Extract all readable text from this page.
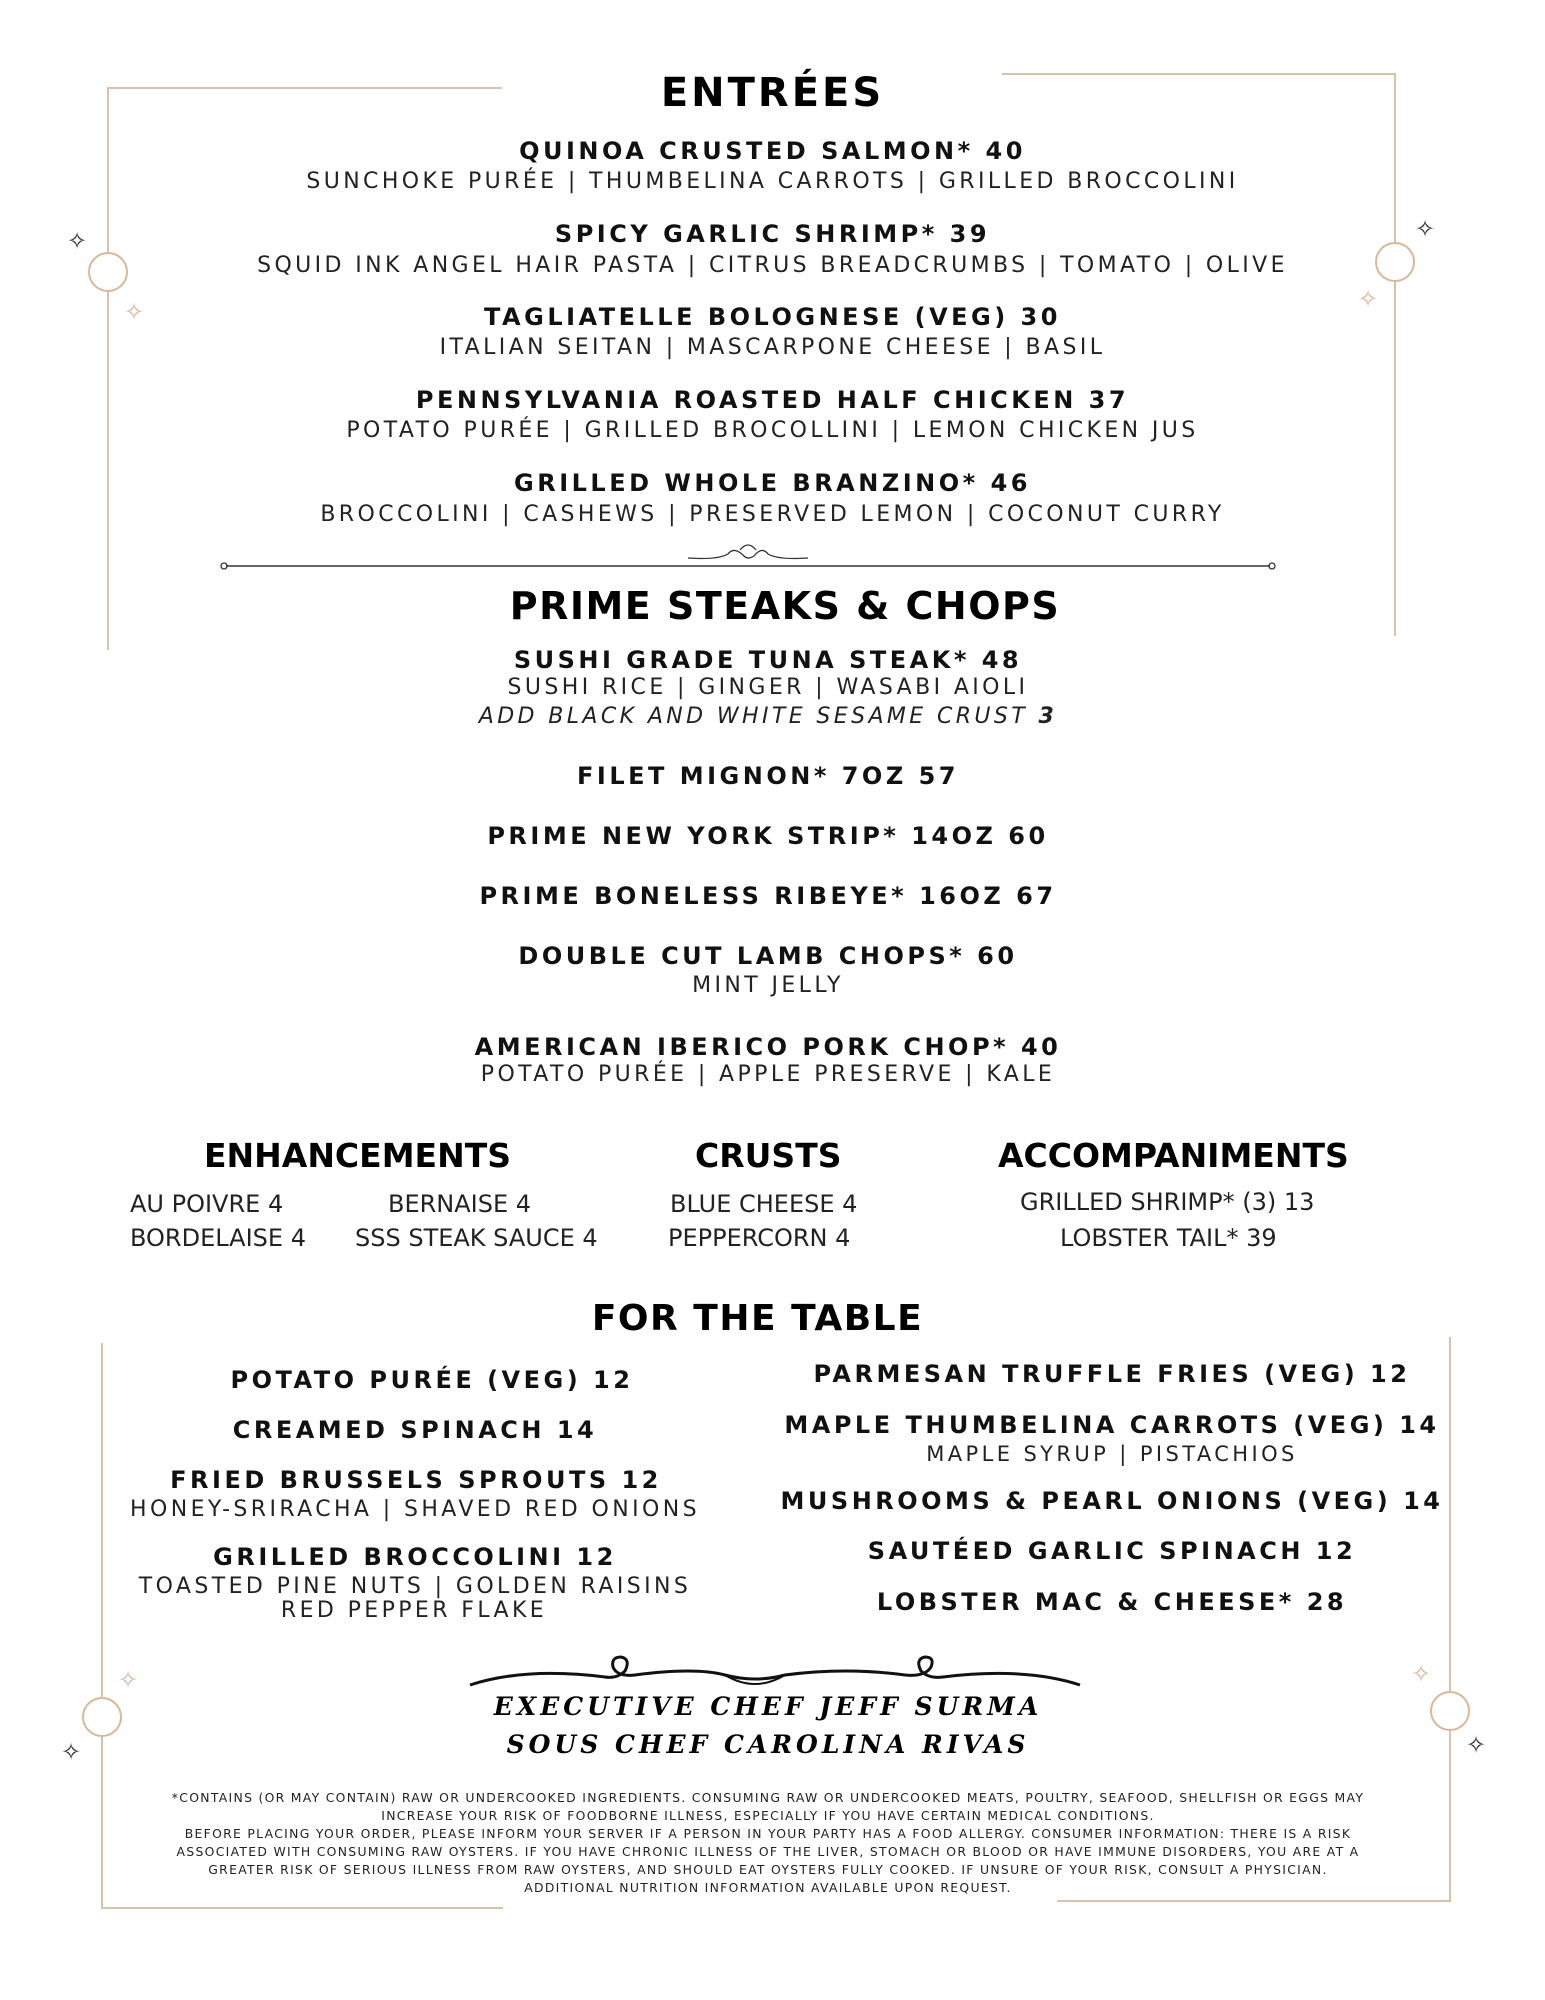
✧
✧
✧
✧
✧
✧
✧
✧
ENTRÉES
QUINOA CRUSTED SALMON* 40
SUNCHOKE PURÉE | THUMBELINA CARROTS | GRILLED BROCCOLINI
SPICY GARLIC SHRIMP* 39
SQUID INK ANGEL HAIR PASTA | CITRUS BREADCRUMBS | TOMATO | OLIVE
TAGLIATELLE BOLOGNESE (VEG) 30
ITALIAN SEITAN | MASCARPONE CHEESE | BASIL
PENNSYLVANIA ROASTED HALF CHICKEN 37
POTATO PURÉE | GRILLED BROCOLLINI | LEMON CHICKEN JUS
GRILLED WHOLE BRANZINO* 46
BROCCOLINI | CASHEWS | PRESERVED LEMON | COCONUT CURRY
PRIME STEAKS & CHOPS
SUSHI GRADE TUNA STEAK* 48
SUSHI RICE | GINGER | WASABI AIOLI
ADD BLACK AND WHITE SESAME CRUST 3
FILET MIGNON* 7OZ 57
PRIME NEW YORK STRIP* 14OZ 60
PRIME BONELESS RIBEYE* 16OZ 67
DOUBLE CUT LAMB CHOPS* 60
MINT JELLY
AMERICAN IBERICO PORK CHOP* 40
POTATO PURÉE | APPLE PRESERVE | KALE
ENHANCEMENTS
AU POIVRE 4
BORDELAISE 4
BERNAISE 4
SSS STEAK SAUCE 4
CRUSTS
BLUE CHEESE 4
PEPPERCORN 4
ACCOMPANIMENTS
GRILLED SHRIMP* (3) 13
LOBSTER TAIL* 39
FOR THE TABLE
POTATO PURÉE (VEG) 12
CREAMED SPINACH 14
FRIED BRUSSELS SPROUTS 12
HONEY-SRIRACHA | SHAVED RED ONIONS
GRILLED BROCCOLINI 12
TOASTED PINE NUTS | GOLDEN RAISINS
RED PEPPER FLAKE
PARMESAN TRUFFLE FRIES (VEG) 12
MAPLE THUMBELINA CARROTS (VEG) 14
MAPLE SYRUP | PISTACHIOS
MUSHROOMS & PEARL ONIONS (VEG) 14
SAUTÉED GARLIC SPINACH 12
LOBSTER MAC & CHEESE* 28
EXECUTIVE CHEF JEFF SURMA
SOUS CHEF CAROLINA RIVAS
*CONTAINS (OR MAY CONTAIN) RAW OR UNDERCOOKED INGREDIENTS. CONSUMING RAW OR UNDERCOOKED MEATS, POULTRY, SEAFOOD, SHELLFISH OR EGGS MAY
INCREASE YOUR RISK OF FOODBORNE ILLNESS, ESPECIALLY IF YOU HAVE CERTAIN MEDICAL CONDITIONS.
BEFORE PLACING YOUR ORDER, PLEASE INFORM YOUR SERVER IF A PERSON IN YOUR PARTY HAS A FOOD ALLERGY. CONSUMER INFORMATION: THERE IS A RISK
ASSOCIATED WITH CONSUMING RAW OYSTERS. IF YOU HAVE CHRONIC ILLNESS OF THE LIVER, STOMACH OR BLOOD OR HAVE IMMUNE DISORDERS, YOU ARE AT A
GREATER RISK OF SERIOUS ILLNESS FROM RAW OYSTERS, AND SHOULD EAT OYSTERS FULLY COOKED. IF UNSURE OF YOUR RISK, CONSULT A PHYSICIAN.
ADDITIONAL NUTRITION INFORMATION AVAILABLE UPON REQUEST.
